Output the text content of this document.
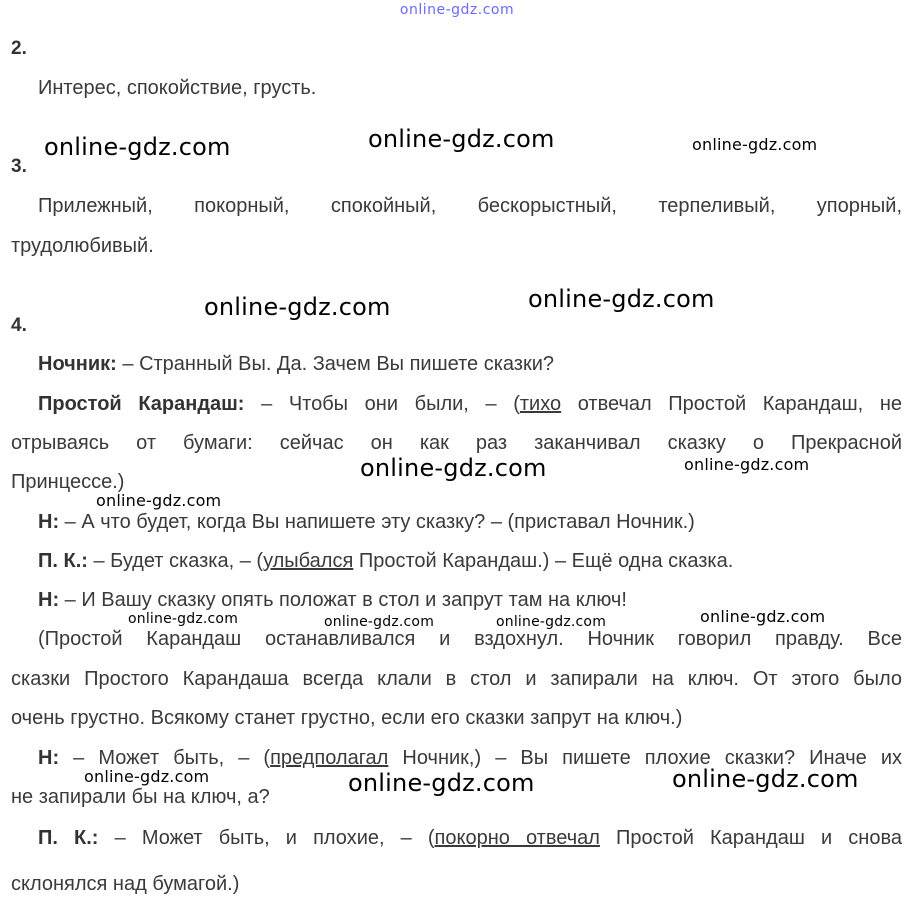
online-gdz.com
2.
Интерес, спокойствие, грусть.
3.
Прилежный, покорный, спокойный, бескорыстный, терпеливый, упорный,
трудолюбивый.
4.
Ночник: – Странный Вы. Да. Зачем Вы пишете сказки?
Простой Карандаш: – Чтобы они были, – (тихо отвечал Простой Карандаш, не
отрываясь от бумаги: сейчас он как раз заканчивал сказку о Прекрасной
Принцессе.)
Н: – А что будет, когда Вы напишете эту сказку? – (приставал Ночник.)
П. К.: – Будет сказка, – (улыбался Простой Карандаш.) – Ещё одна сказка.
Н: – И Вашу сказку опять положат в стол и запрут там на ключ!
(Простой Карандаш останавливался и вздохнул. Ночник говорил правду. Все
сказки Простого Карандаша всегда клали в стол и запирали на ключ. От этого было
очень грустно. Всякому станет грустно, если его сказки запрут на ключ.)
Н: – Может быть, – (предполагал Ночник,) – Вы пишете плохие сказки? Иначе их
не запирали бы на ключ, а?
П. К.: – Может быть, и плохие, – (покорно отвечал Простой Карандаш и снова
склонялся над бумагой.)
online-gdz.com	online-gdz.com	online-gdz.com
online-gdz.com	online-gdz.com
online-gdz.com	online-gdz.com
online-gdz.com
online-gdz.com	online-gdz.com	online-gdz.com	online-gdz.com
online-gdz.com	online-gdz.com	online-gdz.com
